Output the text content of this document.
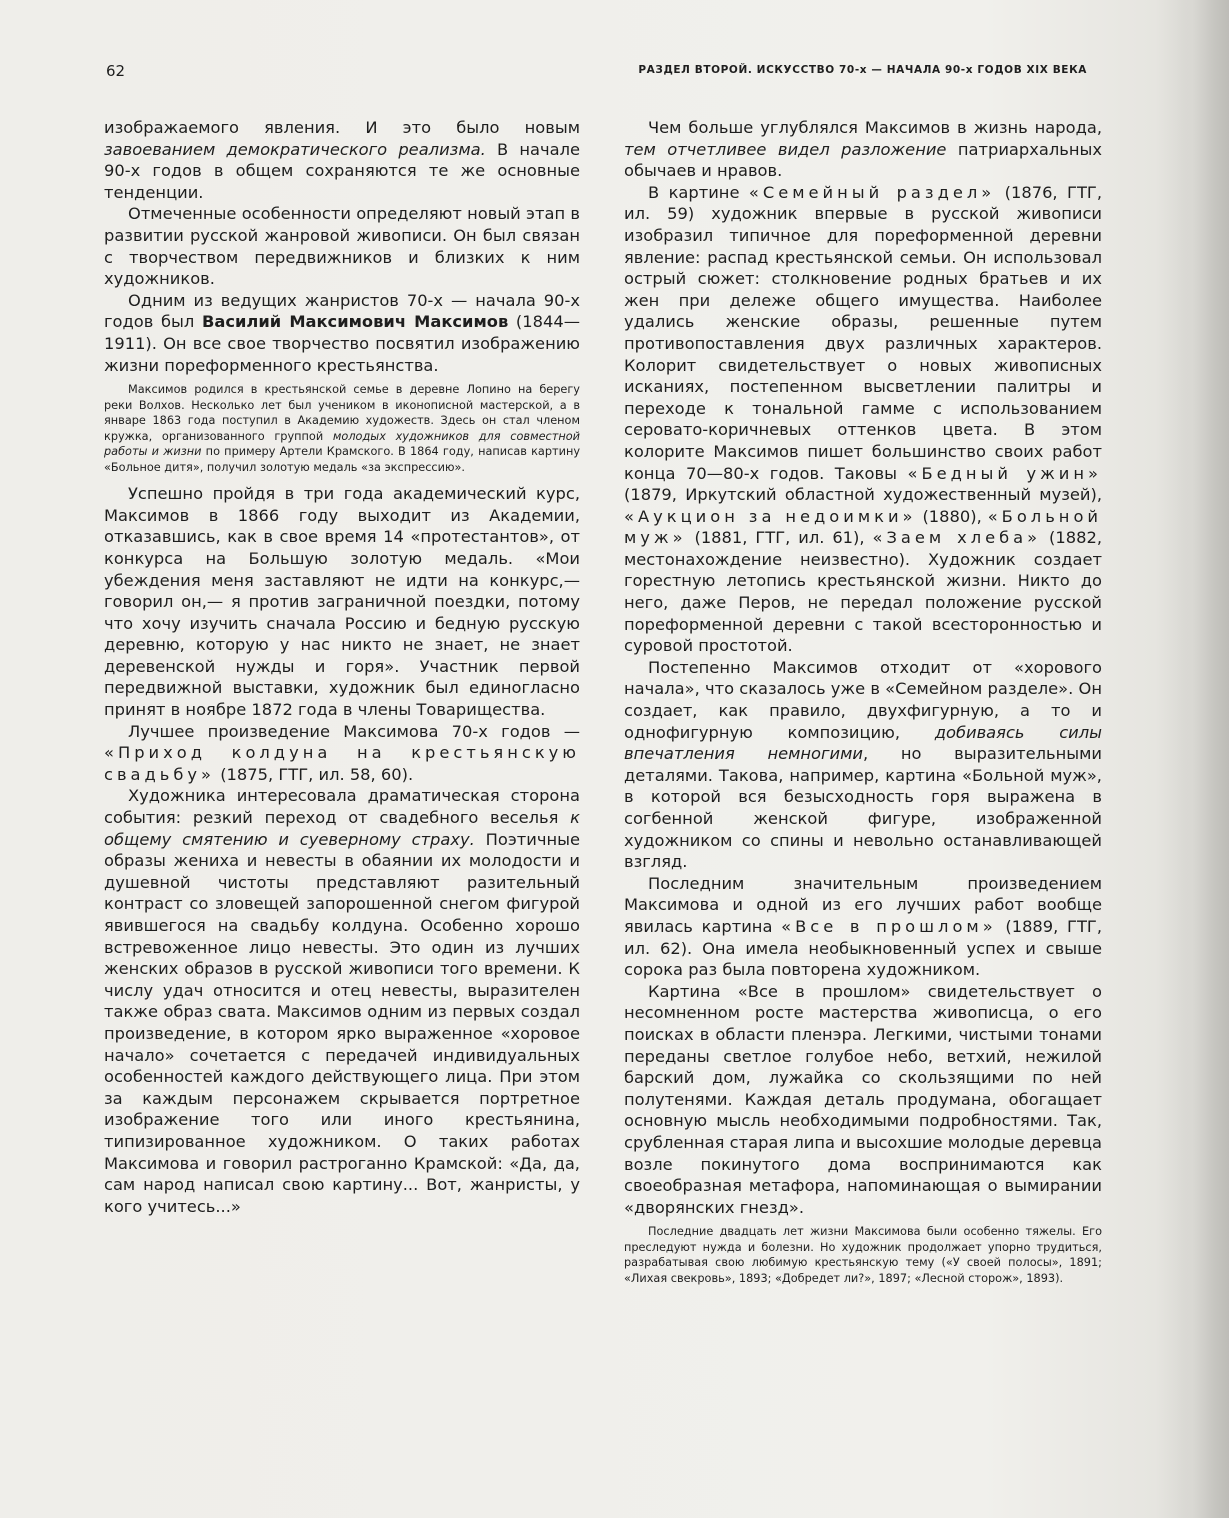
62	РАЗДЕЛ ВТОРОЙ. ИСКУССТВО 70-х — НАЧАЛА 90-х ГОДОВ XIX ВЕКА

изображаемого явления. И это было новым завоеванием демократического реализма. В начале 90-х годов в общем сохраняются те же основные тенденции.

Отмеченные особенности определяют новый этап в развитии русской жанровой живописи. Он был связан с творчеством передвижников и близких к ним художников.

Одним из ведущих жанристов 70-х — начала 90-х годов был Василий Максимович Максимов (1844—1911). Он все свое творчество посвятил изображению жизни пореформенного крестьянства.

Максимов родился в крестьянской семье в деревне Лопино на берегу реки Волхов. Несколько лет был учеником в иконописной мастерской, а в январе 1863 года поступил в Академию художеств. Здесь он стал членом кружка, организованного группой молодых художников для совместной работы и жизни по примеру Артели Крамского. В 1864 году, написав картину «Больное дитя», получил золотую медаль «за экспрессию».

Успешно пройдя в три года академический курс, Максимов в 1866 году выходит из Академии, отказавшись, как в свое время 14 «протестантов», от конкурса на Большую золотую медаль. «Мои убеждения меня заставляют не идти на конкурс,— говорил он,— я против заграничной поездки, потому что хочу изучить сначала Россию и бедную русскую деревню, которую у нас никто не знает, не знает деревенской нужды и горя». Участник первой передвижной выставки, художник был единогласно принят в ноябре 1872 года в члены Товарищества.

Лучшее произведение Максимова 70-х годов — «Приход колдуна на крестьянскую свадьбу» (1875, ГТГ, ил. 58, 60).

Художника интересовала драматическая сторона события: резкий переход от свадебного веселья к общему смятению и суеверному страху. Поэтичные образы жениха и невесты в обаянии их молодости и душевной чистоты представляют разительный контраст со зловещей запорошенной снегом фигурой явившегося на свадьбу колдуна. Особенно хорошо встревоженное лицо невесты. Это один из лучших женских образов в русской живописи того времени. К числу удач относится и отец невесты, выразителен также образ свата. Максимов одним из первых создал произведение, в котором ярко выраженное «хоровое начало» сочетается с передачей индивидуальных особенностей каждого действующего лица. При этом за каждым персонажем скрывается портретное изображение того или иного крестьянина, типизированное художником. О таких работах Максимова и говорил растроганно Крамской: «Да, да, сам народ написал свою картину... Вот, жанристы, у кого учитесь...»

Чем больше углублялся Максимов в жизнь народа, тем отчетливее видел разложение патриархальных обычаев и нравов.

В картине «Семейный раздел» (1876, ГТГ, ил. 59) художник впервые в русской живописи изобразил типичное для пореформенной деревни явление: распад крестьянской семьи. Он использовал острый сюжет: столкновение родных братьев и их жен при дележе общего имущества. Наиболее удались женские образы, решенные путем противопоставления двух различных характеров. Колорит свидетельствует о новых живописных исканиях, постепенном высветлении палитры и переходе к тональной гамме с использованием серовато-коричневых оттенков цвета. В этом колорите Максимов пишет большинство своих работ конца 70—80-х годов. Таковы «Бедный ужин» (1879, Иркутский областной художественный музей), «Аукцион за недоимки» (1880), «Больной муж» (1881, ГТГ, ил. 61), «Заем хлеба» (1882, местонахождение неизвестно). Художник создает горестную летопись крестьянской жизни. Никто до него, даже Перов, не передал положение русской пореформенной деревни с такой всесторонностью и суровой простотой.

Постепенно Максимов отходит от «хорового начала», что сказалось уже в «Семейном разделе». Он создает, как правило, двухфигурную, а то и однофигурную композицию, добиваясь силы впечатления немногими, но выразительными деталями. Такова, например, картина «Больной муж», в которой вся безысходность горя выражена в согбенной женской фигуре, изображенной художником со спины и невольно останавливающей взгляд.

Последним значительным произведением Максимова и одной из его лучших работ вообще явилась картина «Все в прошлом» (1889, ГТГ, ил. 62). Она имела необыкновенный успех и свыше сорока раз была повторена художником.

Картина «Все в прошлом» свидетельствует о несомненном росте мастерства живописца, о его поисках в области пленэра. Легкими, чистыми тонами переданы светлое голубое небо, ветхий, нежилой барский дом, лужайка со скользящими по ней полутенями. Каждая деталь продумана, обогащает основную мысль необходимыми подробностями. Так, срубленная старая липа и высохшие молодые деревца возле покинутого дома воспринимаются как своеобразная метафора, напоминающая о вымирании «дворянских гнезд».

Последние двадцать лет жизни Максимова были особенно тяжелы. Его преследуют нужда и болезни. Но художник продолжает упорно трудиться, разрабатывая свою любимую крестьянскую тему («У своей полосы», 1891; «Лихая свекровь», 1893; «Добредет ли?», 1897; «Лесной сторож», 1893).
